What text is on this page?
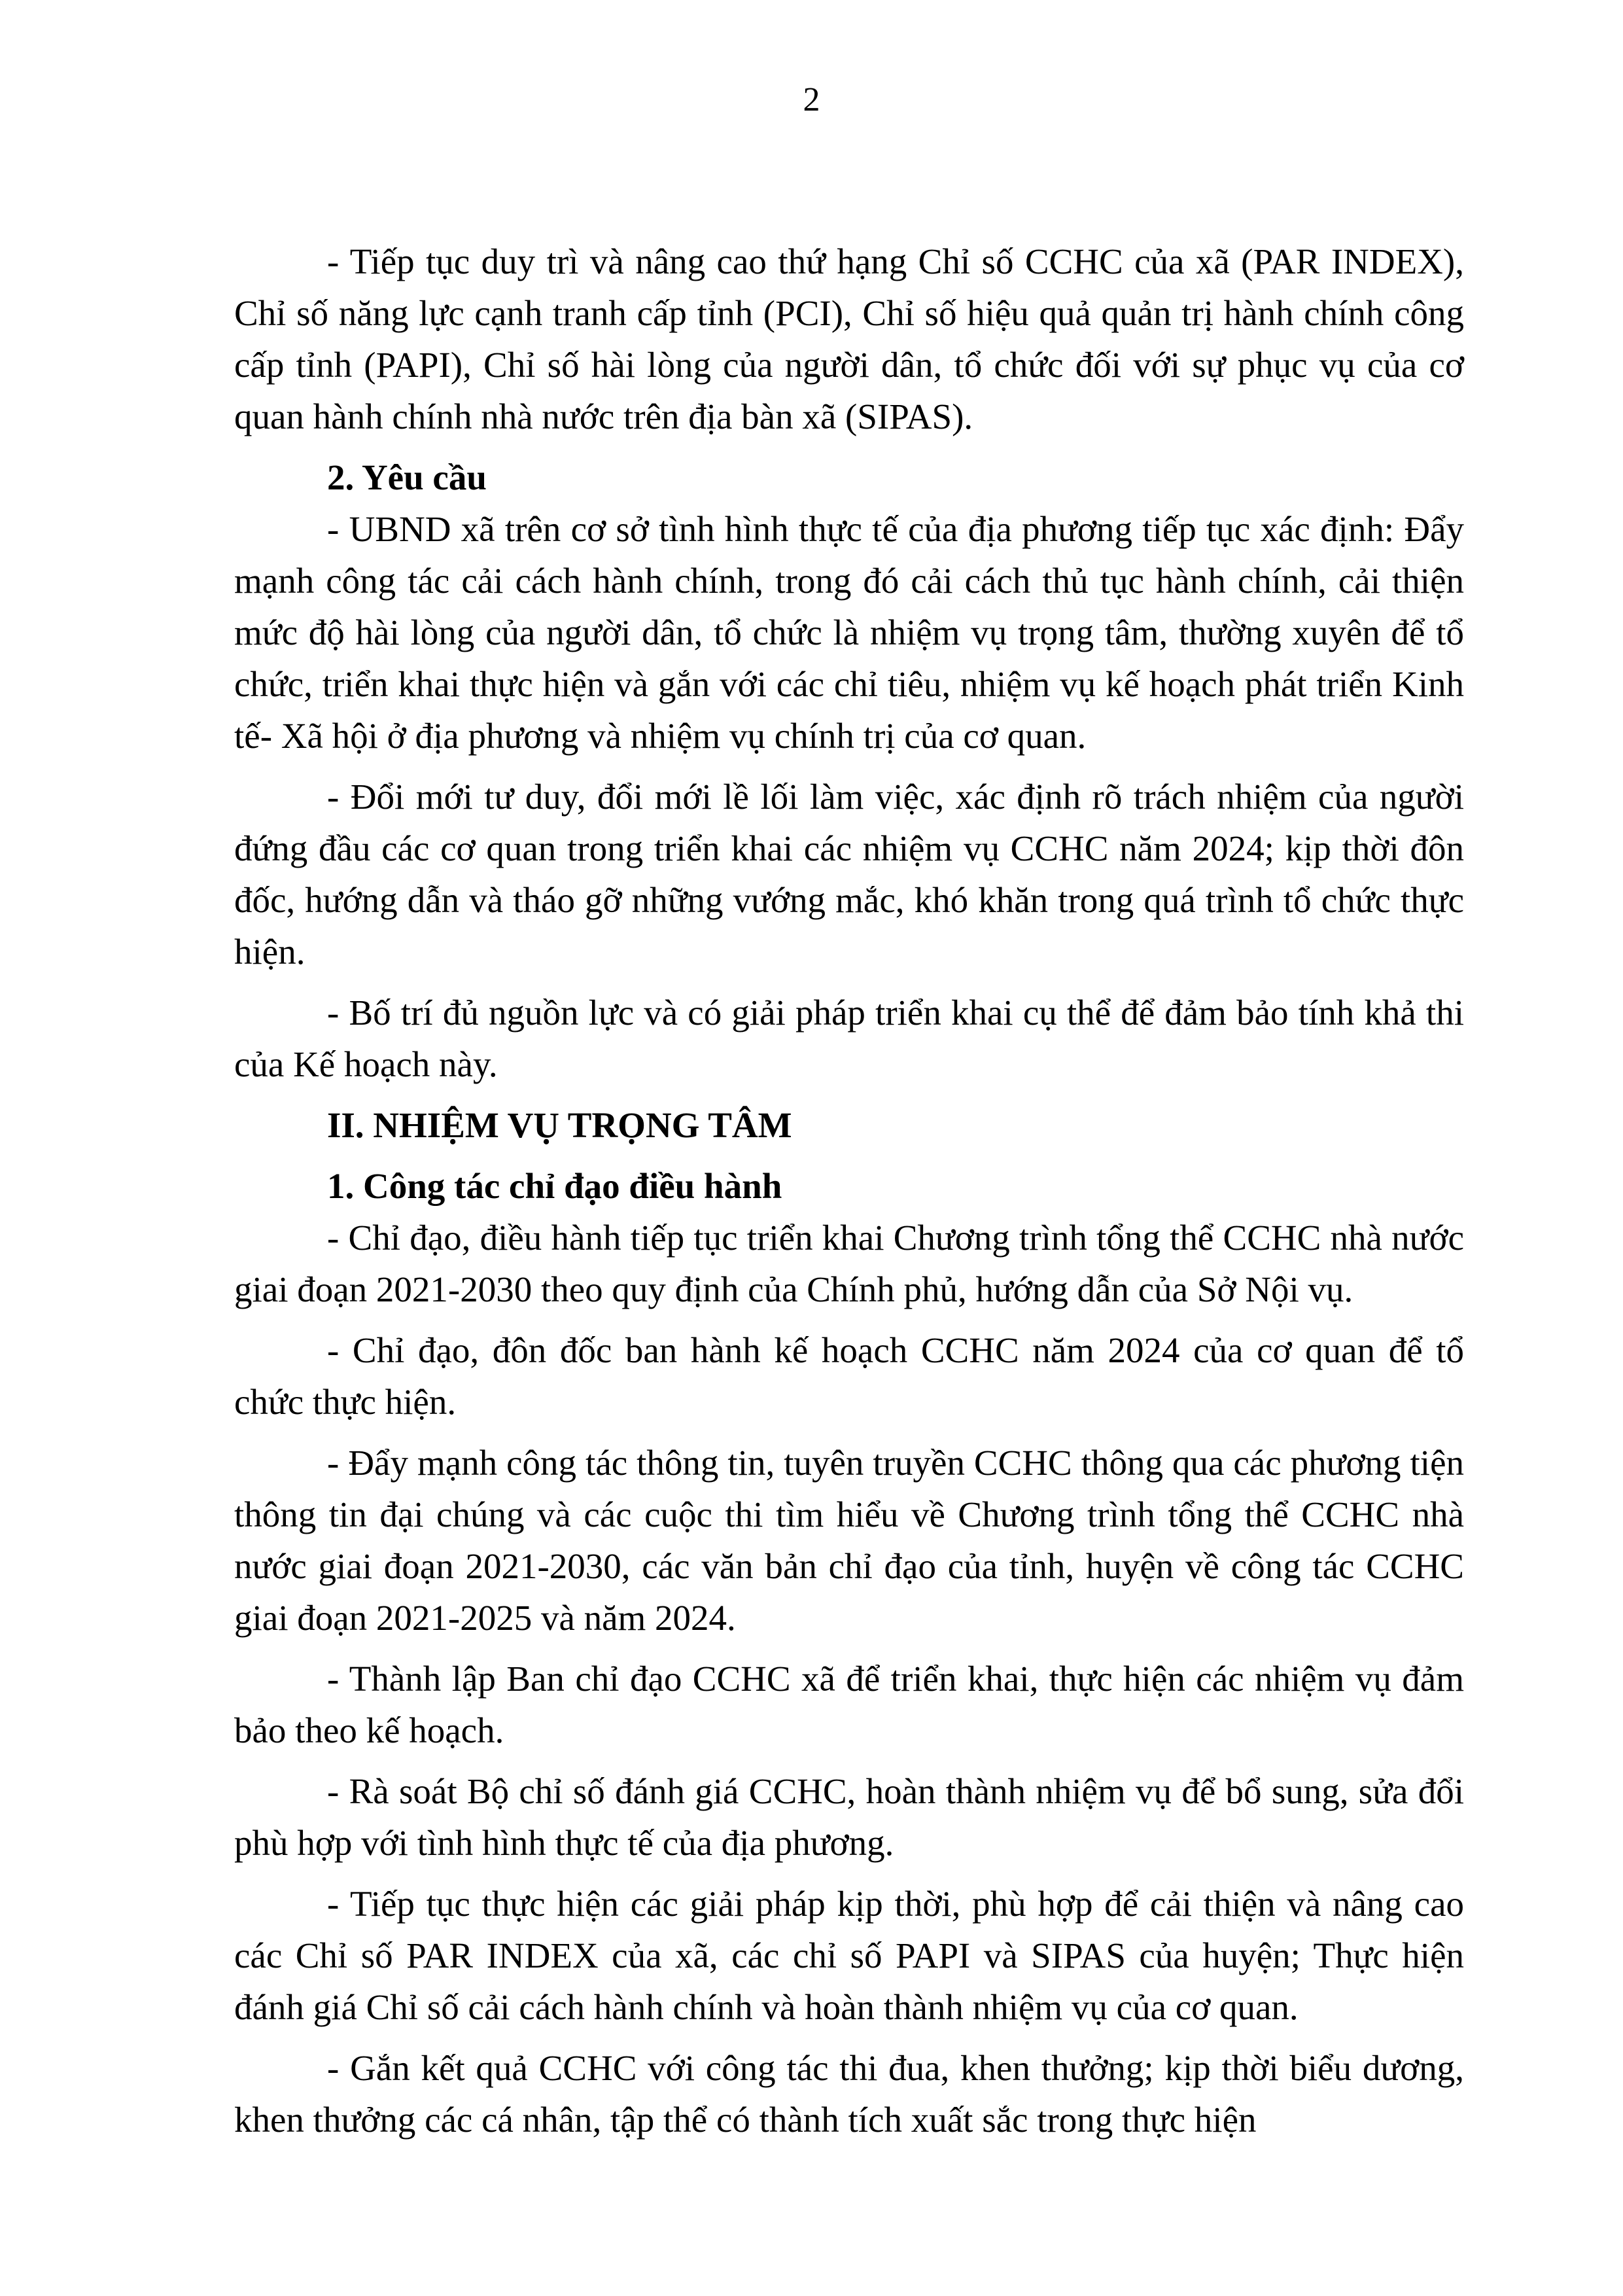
2

- Tiếp tục duy trì và nâng cao thứ hạng Chỉ số CCHC của xã (PAR INDEX), Chỉ số năng lực cạnh tranh cấp tỉnh (PCI), Chỉ số hiệu quả quản trị hành chính công cấp tỉnh (PAPI), Chỉ số hài lòng của người dân, tổ chức đối với sự phục vụ của cơ quan hành chính nhà nước trên địa bàn xã (SIPAS).

2. Yêu cầu

- UBND xã trên cơ sở tình hình thực tế của địa phương tiếp tục xác định: Đẩy mạnh công tác cải cách hành chính, trong đó cải cách thủ tục hành chính, cải thiện mức độ hài lòng của người dân, tổ chức là nhiệm vụ trọng tâm, thường xuyên để tổ chức, triển khai thực hiện và gắn với các chỉ tiêu, nhiệm vụ kế hoạch phát triển Kinh tế- Xã hội ở địa phương và nhiệm vụ chính trị của cơ quan.

- Đổi mới tư duy, đổi mới lề lối làm việc, xác định rõ trách nhiệm của người đứng đầu các cơ quan trong triển khai các nhiệm vụ CCHC năm 2024; kịp thời đôn đốc, hướng dẫn và tháo gỡ những vướng mắc, khó khăn trong quá trình tổ chức thực hiện.

- Bố trí đủ nguồn lực và có giải pháp triển khai cụ thể để đảm bảo tính khả thi của Kế hoạch này.

II. NHIỆM VỤ TRỌNG TÂM
1. Công tác chỉ đạo điều hành

- Chỉ đạo, điều hành tiếp tục triển khai Chương trình tổng thể CCHC nhà nước giai đoạn 2021-2030 theo quy định của Chính phủ, hướng dẫn của Sở Nội vụ.

- Chỉ đạo, đôn đốc ban hành kế hoạch CCHC năm 2024 của cơ quan để tổ chức thực hiện.

- Đẩy mạnh công tác thông tin, tuyên truyền CCHC thông qua các phương tiện thông tin đại chúng và các cuộc thi tìm hiểu về Chương trình tổng thể CCHC nhà nước giai đoạn 2021-2030, các văn bản chỉ đạo của tỉnh, huyện về công tác CCHC giai đoạn 2021-2025 và năm 2024.

- Thành lập Ban chỉ đạo CCHC xã để triển khai, thực hiện các nhiệm vụ đảm bảo theo kế hoạch.

- Rà soát Bộ chỉ số đánh giá CCHC, hoàn thành nhiệm vụ để bổ sung, sửa đổi phù hợp với tình hình thực tế của địa phương.

- Tiếp tục thực hiện các giải pháp kịp thời, phù hợp để cải thiện và nâng cao các Chỉ số PAR INDEX của xã, các chỉ số PAPI và SIPAS của huyện; Thực hiện đánh giá Chỉ số cải cách hành chính và hoàn thành nhiệm vụ của cơ quan.

- Gắn kết quả CCHC với công tác thi đua, khen thưởng; kịp thời biểu dương, khen thưởng các cá nhân, tập thể có thành tích xuất sắc trong thực hiện
